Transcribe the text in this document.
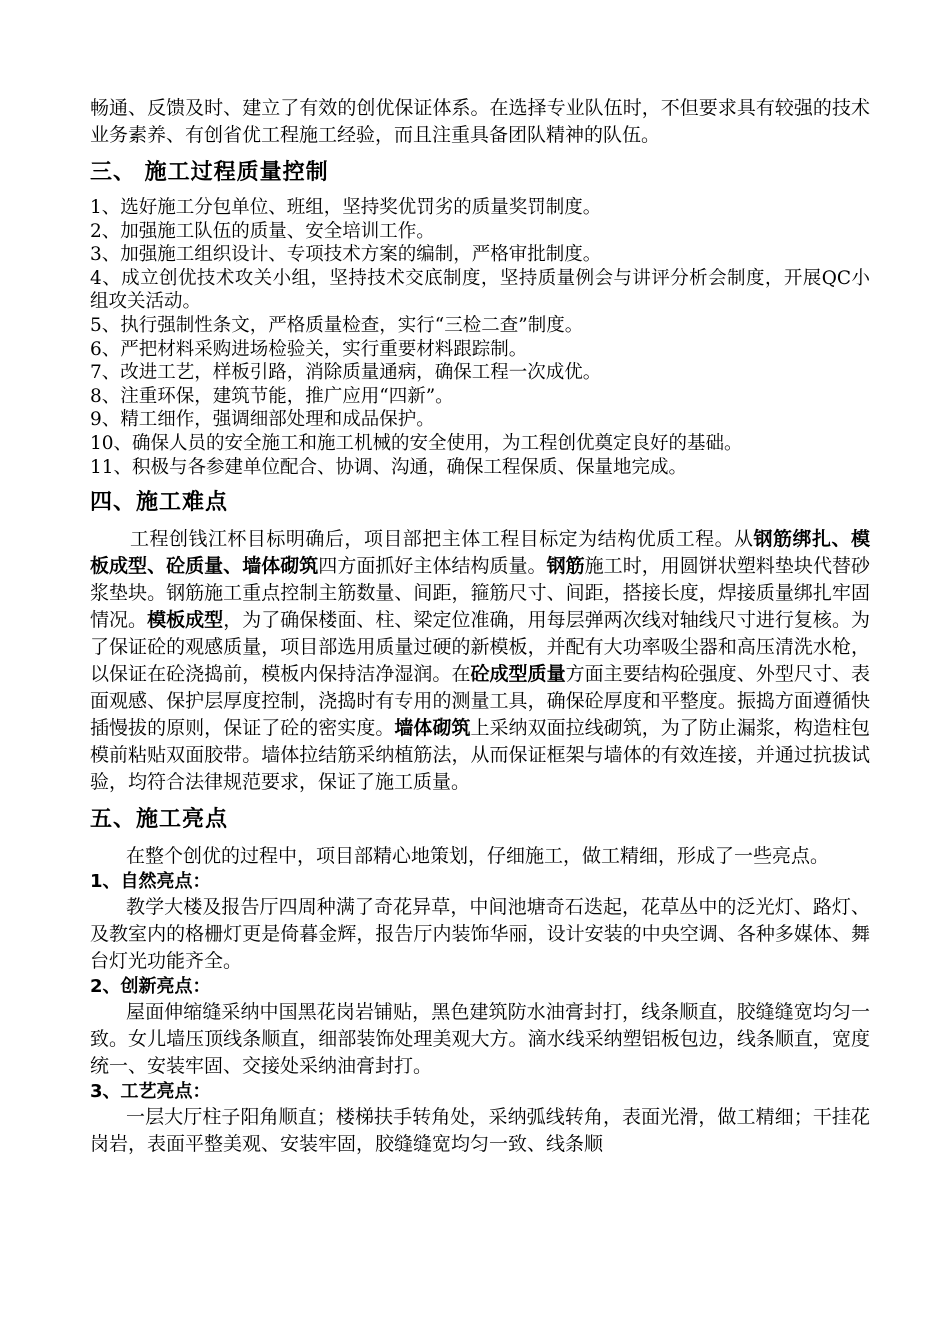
畅通、反馈及时、建立了有效的创优保证体系。在选择专业队伍时，不但要求具有较强的技术业务素养、有创省优工程施工经验，而且注重具备团队精神的队伍。

三、 施工过程质量控制

1、选好施工分包单位、班组，坚持奖优罚劣的质量奖罚制度。

2、加强施工队伍的质量、安全培训工作。

3、加强施工组织设计、专项技术方案的编制，严格审批制度。

4、成立创优技术攻关小组，坚持技术交底制度，坚持质量例会与讲评分析会制度，开展QC小组攻关活动。

5、执行强制性条文，严格质量检查，实行“三检二查”制度。

6、严把材料采购进场检验关，实行重要材料跟踪制。

7、改进工艺，样板引路，消除质量通病，确保工程一次成优。

8、注重环保，建筑节能，推广应用“四新”。

9、精工细作，强调细部处理和成品保护。

10、确保人员的安全施工和施工机械的安全使用，为工程创优奠定良好的基础。

11、积极与各参建单位配合、协调、沟通，确保工程保质、保量地完成。

四、施工难点

工程创钱江杯目标明确后，项目部把主体工程目标定为结构优质工程。从钢筋绑扎、模板成型、砼质量、墙体砌筑四方面抓好主体结构质量。钢筋施工时，用圆饼状塑料垫块代替砂浆垫块。钢筋施工重点控制主筋数量、间距，箍筋尺寸、间距，搭接长度，焊接质量绑扎牢固情况。模板成型，为了确保楼面、柱、梁定位准确，用每层弹两次线对轴线尺寸进行复核。为了保证砼的观感质量，项目部选用质量过硬的新模板，并配有大功率吸尘器和高压清洗水枪，以保证在砼浇捣前，模板内保持洁净湿润。在砼成型质量方面主要结构砼强度、外型尺寸、表面观感、保护层厚度控制，浇捣时有专用的测量工具，确保砼厚度和平整度。振捣方面遵循快插慢拔的原则，保证了砼的密实度。墙体砌筑上采纳双面拉线砌筑，为了防止漏浆，构造柱包模前粘贴双面胶带。墙体拉结筋采纳植筋法，从而保证框架与墙体的有效连接，并通过抗拔试验，均符合法律规范要求，保证了施工质量。

五、施工亮点

在整个创优的过程中，项目部精心地策划，仔细施工，做工精细，形成了一些亮点。

1、自然亮点：

教学大楼及报告厅四周种满了奇花异草，中间池塘奇石迭起，花草丛中的泛光灯、路灯、及教室内的格栅灯更是倚暮金辉，报告厅内装饰华丽，设计安装的中央空调、各种多媒体、舞台灯光功能齐全。

2、创新亮点：

屋面伸缩缝采纳中国黑花岗岩铺贴，黑色建筑防水油膏封打，线条顺直，胶缝缝宽均匀一致。女儿墙压顶线条顺直，细部装饰处理美观大方。滴水线采纳塑铝板包边，线条顺直，宽度统一、安装牢固、交接处采纳油膏封打。

3、工艺亮点：

一层大厅柱子阳角顺直；楼梯扶手转角处，采纳弧线转角，表面光滑，做工精细；干挂花岗岩，表面平整美观、安装牢固，胶缝缝宽均匀一致、线条顺
